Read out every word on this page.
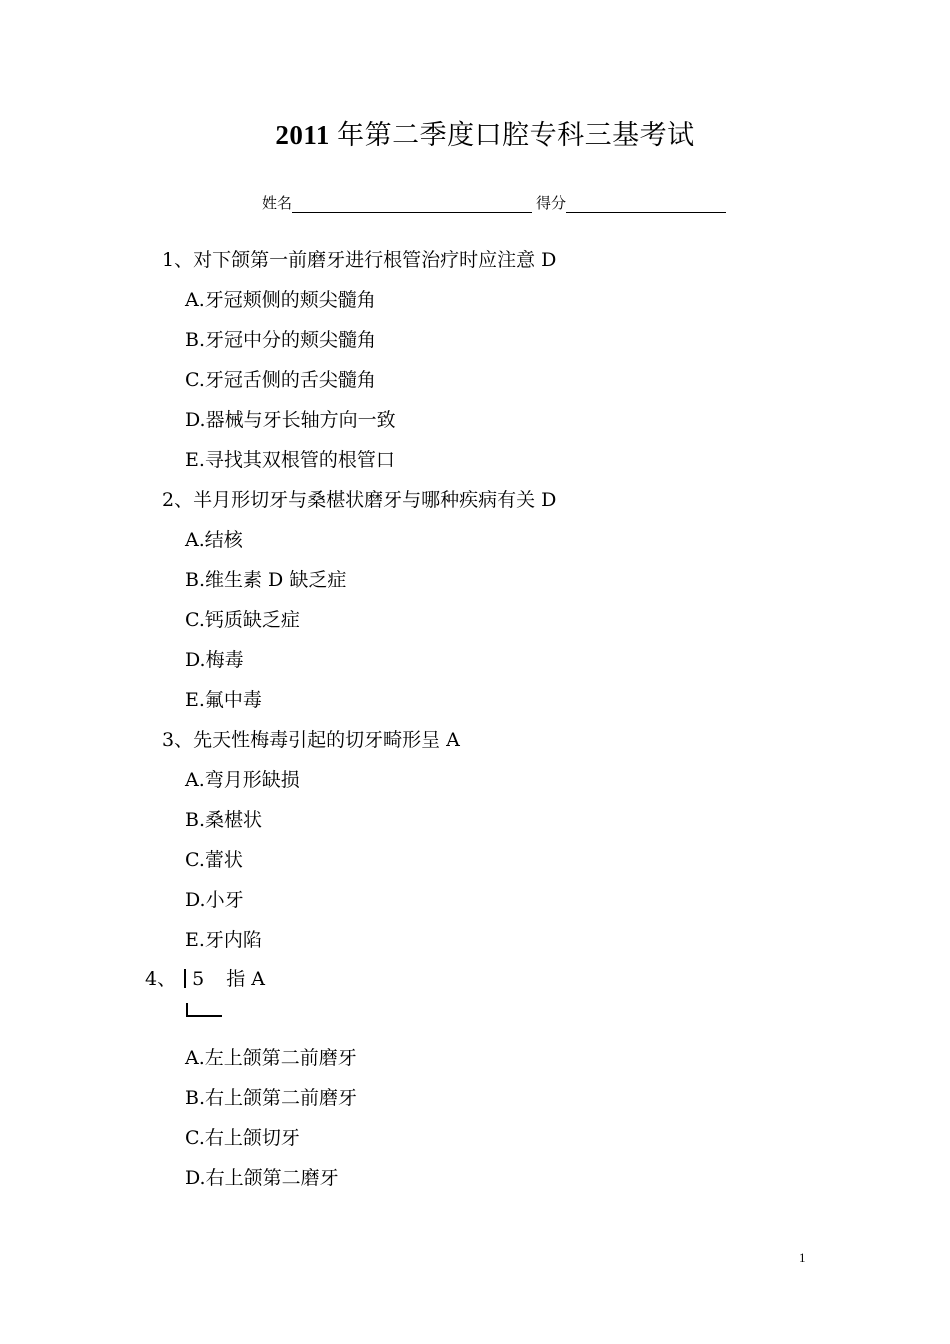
2011 年第二季度口腔专科三基考试
姓名	得分
1、对下颌第一前磨牙进行根管治疗时应注意 D
A.牙冠颊侧的颊尖髓角
B.牙冠中分的颊尖髓角
C.牙冠舌侧的舌尖髓角
D.器械与牙长轴方向一致
E.寻找其双根管的根管口
2、半月形切牙与桑椹状磨牙与哪种疾病有关 D
A.结核
B.维生素 D 缺乏症
C.钙质缺乏症
D.梅毒
E.氟中毒
3、先天性梅毒引起的切牙畸形呈 A
A.弯月形缺损
B.桑椹状
C.蕾状
D.小牙
E.牙内陷
4、 5 指 A
A.左上颌第二前磨牙
B.右上颌第二前磨牙
C.右上颌切牙
D.右上颌第二磨牙
1
